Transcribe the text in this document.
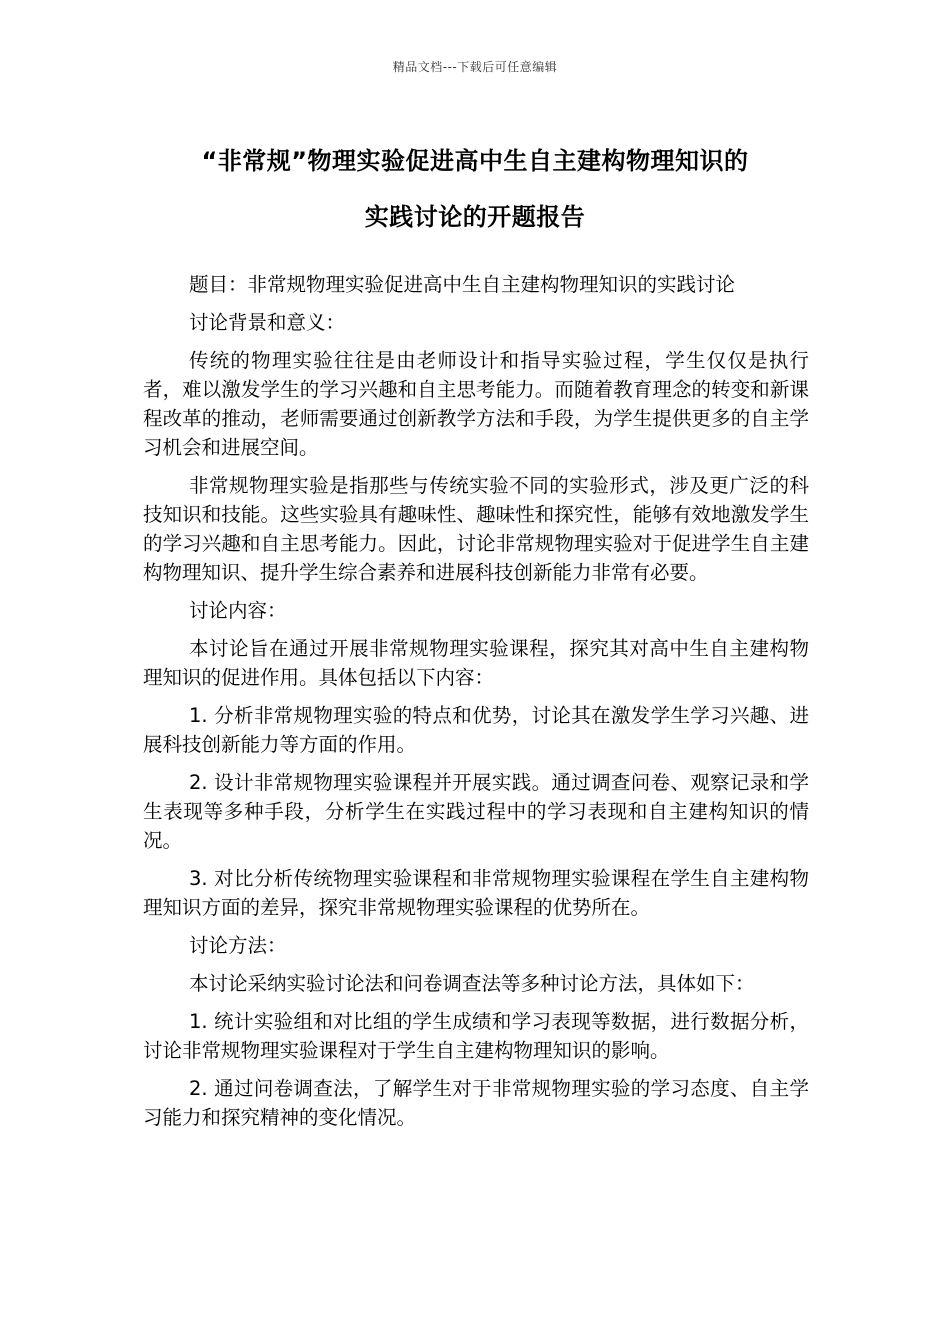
精品文档---下载后可任意编辑
“非常规”物理实验促进高中生自主建构物理知识的
实践讨论的开题报告

题目：非常规物理实验促进高中生自主建构物理知识的实践讨论

讨论背景和意义：

传统的物理实验往往是由老师设计和指导实验过程，学生仅仅是执行者，难以激发学生的学习兴趣和自主思考能力。而随着教育理念的转变和新课程改革的推动，老师需要通过创新教学方法和手段，为学生提供更多的自主学习机会和进展空间。

非常规物理实验是指那些与传统实验不同的实验形式，涉及更广泛的科技知识和技能。这些实验具有趣味性、趣味性和探究性，能够有效地激发学生的学习兴趣和自主思考能力。因此，讨论非常规物理实验对于促进学生自主建构物理知识、提升学生综合素养和进展科技创新能力非常有必要。

讨论内容：

本讨论旨在通过开展非常规物理实验课程，探究其对高中生自主建构物理知识的促进作用。具体包括以下内容：

1. 分析非常规物理实验的特点和优势，讨论其在激发学生学习兴趣、进展科技创新能力等方面的作用。

2. 设计非常规物理实验课程并开展实践。通过调查问卷、观察记录和学生表现等多种手段，分析学生在实践过程中的学习表现和自主建构知识的情况。

3. 对比分析传统物理实验课程和非常规物理实验课程在学生自主建构物理知识方面的差异，探究非常规物理实验课程的优势所在。

讨论方法：

本讨论采纳实验讨论法和问卷调查法等多种讨论方法，具体如下：

1. 统计实验组和对比组的学生成绩和学习表现等数据，进行数据分析，讨论非常规物理实验课程对于学生自主建构物理知识的影响。

2. 通过问卷调查法，了解学生对于非常规物理实验的学习态度、自主学习能力和探究精神的变化情况。
